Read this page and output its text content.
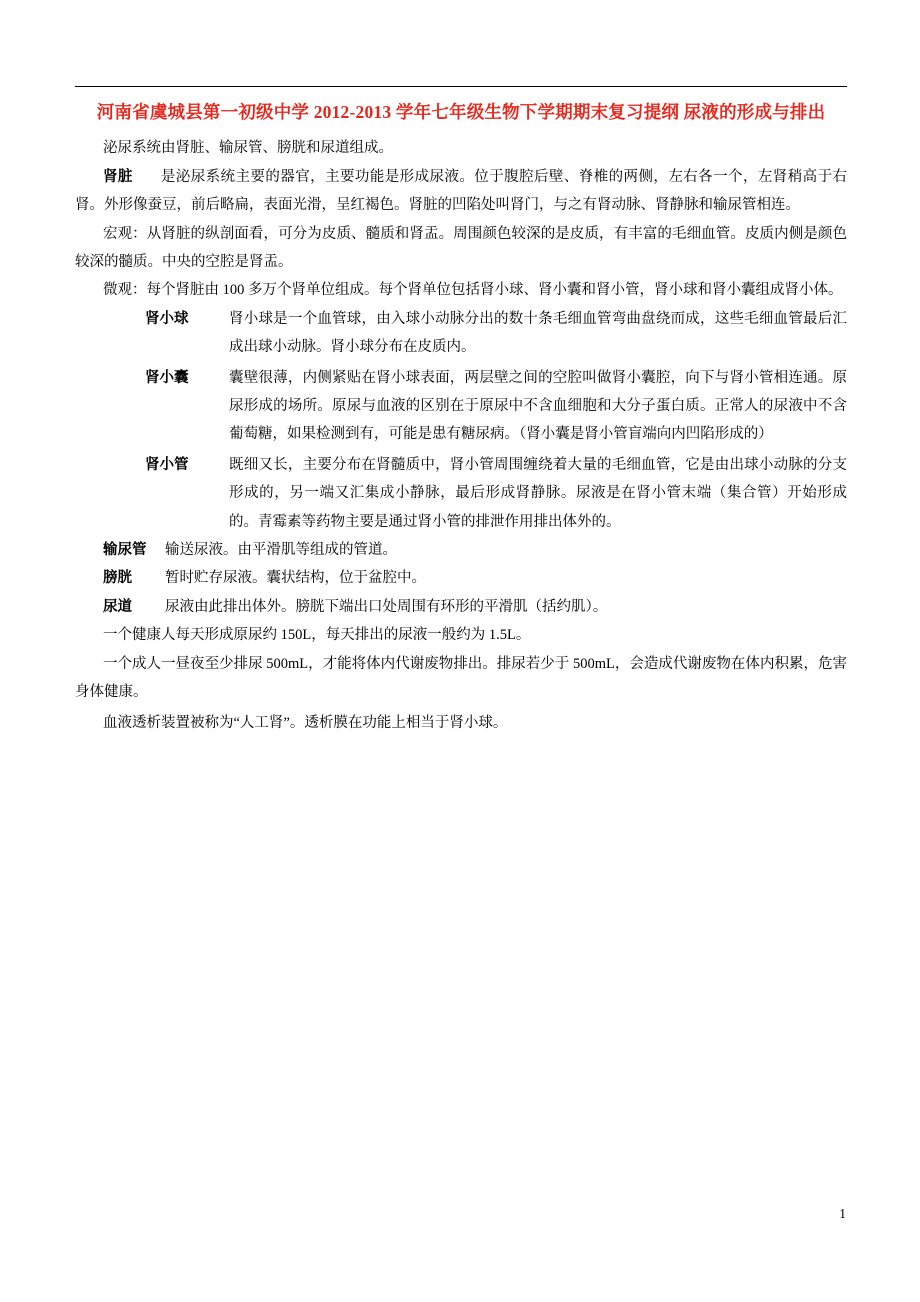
河南省虞城县第一初级中学 2012-2013 学年七年级生物下学期期末复习提纲 尿液的形成与排出

泌尿系统由肾脏、输尿管、膀胱和尿道组成。

肾脏 是泌尿系统主要的器官，主要功能是形成尿液。位于腹腔后壁、脊椎的两侧，左右各一个，左肾稍高于右肾。外形像蚕豆，前后略扁，表面光滑，呈红褐色。肾脏的凹陷处叫肾门，与之有肾动脉、肾静脉和输尿管相连。

宏观：从肾脏的纵剖面看，可分为皮质、髓质和肾盂。周围颜色较深的是皮质，有丰富的毛细血管。皮质内侧是颜色较深的髓质。中央的空腔是肾盂。

微观：每个肾脏由 100 多万个肾单位组成。每个肾单位包括肾小球、肾小囊和肾小管，肾小球和肾小囊组成肾小体。

肾小球	肾小球是一个血管球，由入球小动脉分出的数十条毛细血管弯曲盘绕而成，这些毛细血管最后汇成出球小动脉。肾小球分布在皮质内。
肾小囊	囊壁很薄，内侧紧贴在肾小球表面，两层壁之间的空腔叫做肾小囊腔，向下与肾小管相连通。原尿形成的场所。原尿与血液的区别在于原尿中不含血细胞和大分子蛋白质。正常人的尿液中不含葡萄糖，如果检测到有，可能是患有糖尿病。（肾小囊是肾小管盲端向内凹陷形成的）
肾小管	既细又长，主要分布在肾髓质中，肾小管周围缠绕着大量的毛细血管，它是由出球小动脉的分支形成的，另一端又汇集成小静脉，最后形成肾静脉。尿液是在肾小管末端（集合管）开始形成的。青霉素等药物主要是通过肾小管的排泄作用排出体外的。
输尿管	输送尿液。由平滑肌等组成的管道。
膀胱	暂时贮存尿液。囊状结构，位于盆腔中。
尿道	尿液由此排出体外。膀胱下端出口处周围有环形的平滑肌（括约肌）。

一个健康人每天形成原尿约 150L，每天排出的尿液一般约为 1.5L。

一个成人一昼夜至少排尿 500mL，才能将体内代谢废物排出。排尿若少于 500mL，会造成代谢废物在体内积累，危害身体健康。

血液透析装置被称为“人工肾”。透析膜在功能上相当于肾小球。

1
